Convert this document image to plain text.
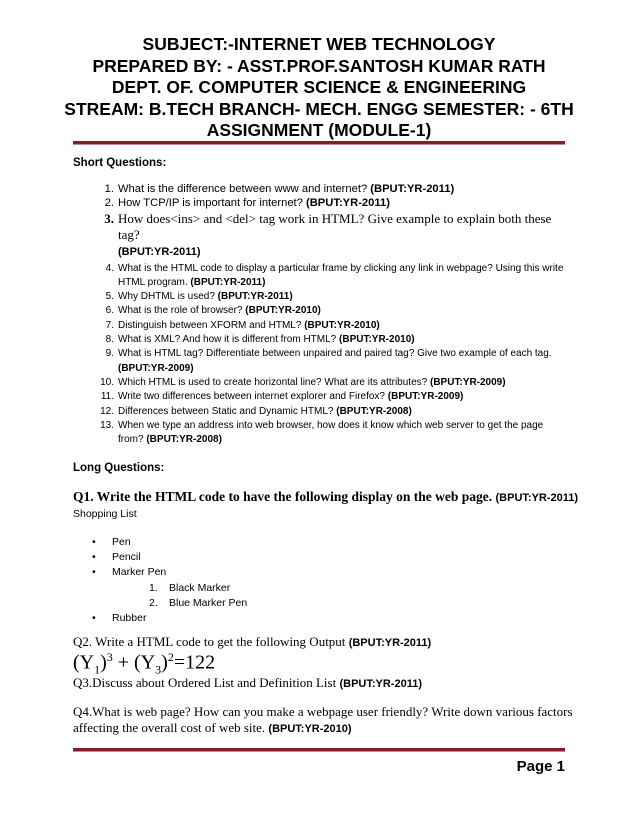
SUBJECT:-INTERNET WEB TECHNOLOGY
PREPARED BY: - ASST.PROF.SANTOSH KUMAR RATH
DEPT. OF. COMPUTER SCIENCE & ENGINEERING
STREAM: B.TECH BRANCH- MECH. ENGG SEMESTER: - 6TH
ASSIGNMENT (MODULE-1)
Short Questions:
1. What is the difference between www and internet? (BPUT:YR-2011)
2. How TCP/IP is important for internet? (BPUT:YR-2011)
3. How does<ins> and <del> tag work in HTML? Give example to explain both these tag?
(BPUT:YR-2011)
4. What is the HTML code to display a particular frame by clicking any link in webpage? Using this write HTML program. (BPUT:YR-2011)
5. Why DHTML is used? (BPUT:YR-2011)
6. What is the role of browser? (BPUT:YR-2010)
7. Distinguish between XFORM and HTML? (BPUT:YR-2010)
8. What is XML? And how it is different from HTML? (BPUT:YR-2010)
9. What is HTML tag? Differentiate between unpaired and paired tag? Give two example of each tag. (BPUT:YR-2009)
10. Which HTML is used to create horizontal line? What are its attributes? (BPUT:YR-2009)
11. Write two differences between internet explorer and Firefox? (BPUT:YR-2009)
12. Differences between Static and Dynamic HTML? (BPUT:YR-2008)
13. When we type an address into web browser, how does it know which web server to get the page from? (BPUT:YR-2008)
Long Questions:
Q1. Write the HTML code to have the following display on the web page. (BPUT:YR-2011)
Shopping List
• Pen
• Pencil
• Marker Pen
1. Black Marker
2. Blue Marker Pen
• Rubber
Q2. Write a HTML code to get the following Output (BPUT:YR-2011)
$(Y_1)^3 + (Y_3)^2=122$
Q3.Discuss about Ordered List and Definition List (BPUT:YR-2011)
Q4.What is web page? How can you make a webpage user friendly? Write down various factors affecting the overall cost of web site. (BPUT:YR-2010)
Page 1
